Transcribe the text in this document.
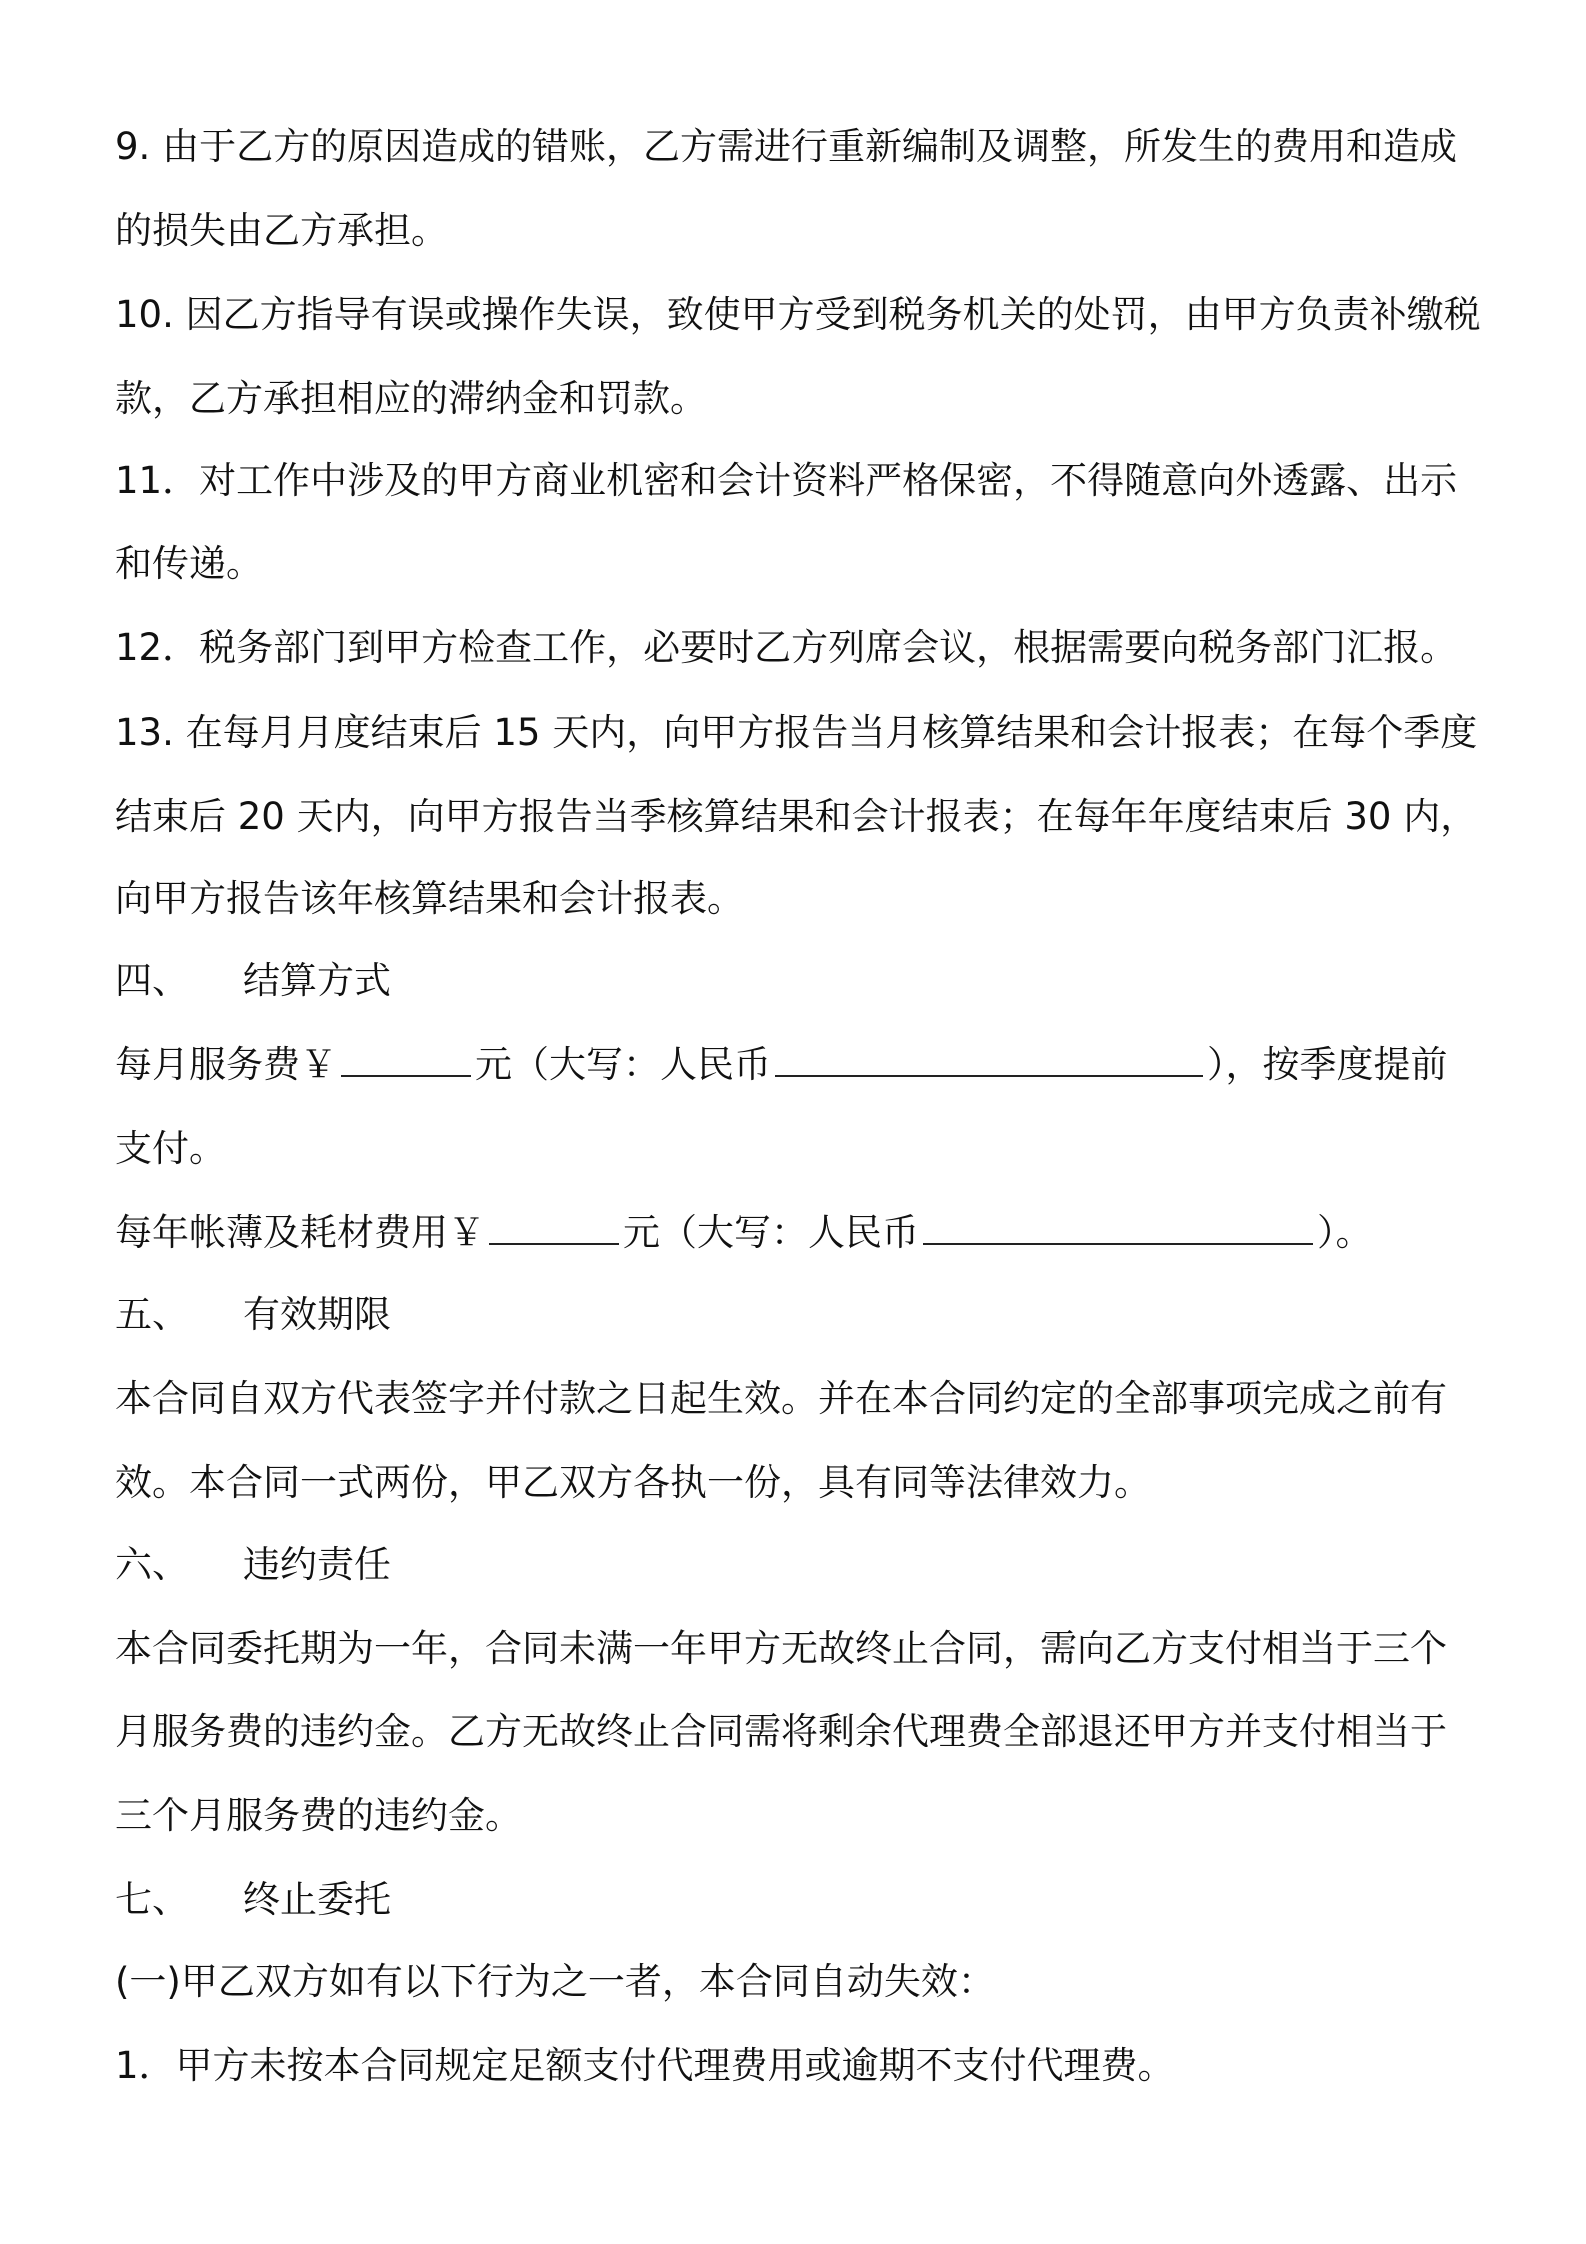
9. 由于乙方的原因造成的错账，乙方需进行重新编制及调整，所发生的费用和造成
的损失由乙方承担。
10. 因乙方指导有误或操作失误，致使甲方受到税务机关的处罚，由甲方负责补缴税
款，乙方承担相应的滞纳金和罚款。
11．对工作中涉及的甲方商业机密和会计资料严格保密，不得随意向外透露、出示
和传递。
12．税务部门到甲方检查工作，必要时乙方列席会议，根据需要向税务部门汇报。
13. 在每月月度结束后 15 天内，向甲方报告当月核算结果和会计报表；在每个季度
结束后 20 天内，向甲方报告当季核算结果和会计报表；在每年年度结束后 30 内，
向甲方报告该年核算结果和会计报表。
四、 结算方式
每月服务费￥	元（大写：人民币	），按季度提前
支付。
每年帐薄及耗材费用￥	元（大写：人民币	）。
五、 有效期限
本合同自双方代表签字并付款之日起生效。并在本合同约定的全部事项完成之前有
效。本合同一式两份，甲乙双方各执一份，具有同等法律效力。
六、 违约责任
本合同委托期为一年，合同未满一年甲方无故终止合同，需向乙方支付相当于三个
月服务费的违约金。乙方无故终止合同需将剩余代理费全部退还甲方并支付相当于
三个月服务费的违约金。
七、 终止委托
(一)甲乙双方如有以下行为之一者，本合同自动失效：
1．甲方未按本合同规定足额支付代理费用或逾期不支付代理费。
